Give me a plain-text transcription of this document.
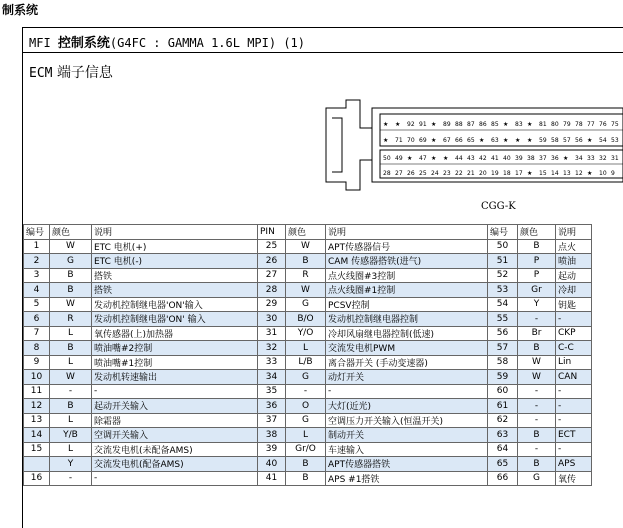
制系统
MFI 控制系统(G4FC : GAMMA 1.6L MPI) (1)
ECM 端子信息
★ ★ 92 91 ★ 89 88 87 86 85 ★ 83 ★ 81 80 79 78 77 76 75
★ 71 70 69 ★ 67 66 65 ★ 63 ★ ★ ★ 59 58 57 56 ★ 54 53
50 49 ★ 47 ★ ★ 44 43 42 41 40 39 38 37 36 ★ 34 33 32 31
28 27 26 25 24 23 22 21 20 19 18 17 ★ 15 14 13 12 ★ 10 9
CGG-K
编号	颜色	说明	PIN	颜色	说明	编号	颜色	说明
1	W	ETC 电机(+)	25	W	APT传感器信号	50	B	点火
2	G	ETC 电机(-)	26	B	CAM 传感器搭铁(进气)	51	P	喷油
3	B	搭铁	27	R	点火线圈#3控制	52	P	起动
4	B	搭铁	28	W	点火线圈#1控制	53	Gr	冷却
5	W	发动机控制继电器'ON'输入	29	G	PCSV控制	54	Y	钥匙
6	R	发动机控制继电器'ON' 输入	30	B/O	发动机控制继电器控制	55	-	-
7	L	氧传感器(上)加热器	31	Y/O	冷却风扇继电器控制(低速)	56	Br	CKP
8	B	喷油嘴#2控制	32	L	交流发电机PWM	57	B	C-C
9	L	喷油嘴#1控制	33	L/B	离合器开关 (手动变速器)	58	W	Lin
10	W	发动机转速输出	34	G	动灯开关	59	W	CAN
11	-	-	35	-	-	60	-	-
12	B	起动开关输入	36	O	大灯(近光)	61	-	-
13	L	除霜器	37	G	空调压力开关输入(恒温开关)	62	-	-
14	Y/B	空调开关输入	38	L	制动开关	63	B	ECT
15	L	交流发电机(未配备AMS)	39	Gr/O	车速输入	64	-	-
	Y	交流发电机(配备AMS)	40	B	APT传感器搭铁	65	B	APS
16	-	-	41	B	APS #1搭铁	66	G	氧传
